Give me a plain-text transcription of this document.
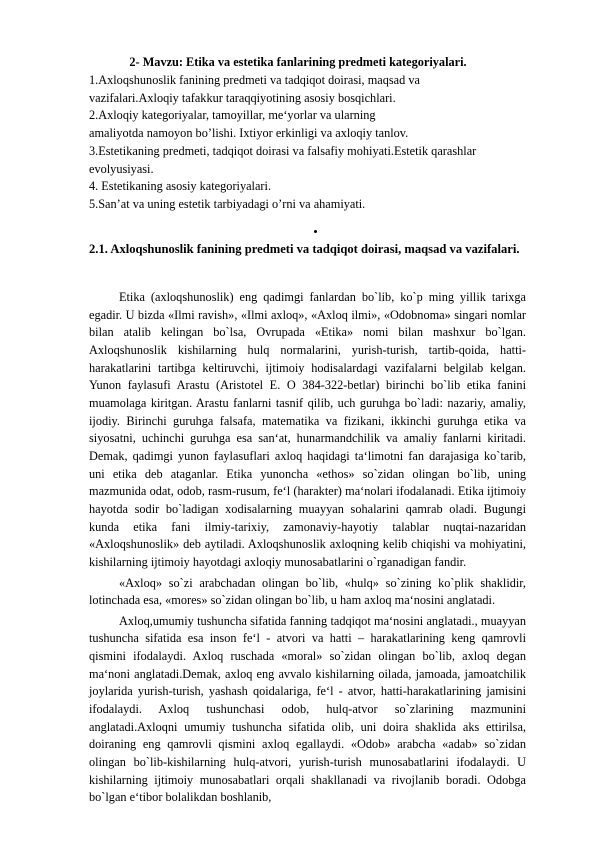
2- Mavzu: Etika va estetika fanlarining predmeti kategoriyalari.
1.Axloqshunoslik fanining predmeti va tadqiqot doirasi, maqsad va
vazifalari.Axloqiy tafakkur taraqqiyotining asosiy bosqichlari.
2.Axloqiy kategoriyalar, tamoyillar, me‘yorlar va ularning
amaliyotda namoyon bo’lishi. Ixtiyor erkinligi va axloqiy tanlov.
3.Estetikaning predmeti, tadqiqot doirasi va falsafiy mohiyati.Estetik qarashlar
evolyusiyasi.
4. Estetikaning asosiy kategoriyalari.
5.San’at va uning estetik tarbiyadagi o’rni va ahamiyati.
2.1. Axloqshunoslik fanining predmeti va tadqiqot doirasi, maqsad va vazifalari.

Etika (axloqshunoslik) eng qadimgi fanlardan bo`lib, ko`p ming yillik tarixga egadir. U bizda «Ilmi ravish», «Ilmi axloq», «Axloq ilmi», «Odobnoma» singari nomlar bilan atalib kelingan bo`lsa, Ovrupada «Etika» nomi bilan mashxur bo`lgan. Axloqshunoslik kishilarning hulq normalarini, yurish-turish, tartib-qoida, hatti-harakatlarini tartibga keltiruvchi, ijtimoiy hodisalardagi vazifalarni belgilab kelgan. Yunon faylasufi Arastu (Aristotel E. O 384-322-betlar) birinchi bo`lib etika fanini muamolaga kiritgan. Arastu fanlarni tasnif qilib, uch guruhga bo`ladi: nazariy, amaliy, ijodiy. Birinchi guruhga falsafa, matematika va fizikani, ikkinchi guruhga etika va siyosatni, uchinchi guruhga esa san‘at, hunarmandchilik va amaliy fanlarni kiritadi. Demak, qadimgi yunon faylasuflari axloq haqidagi ta‘limotni fan darajasiga ko`tarib, uni etika deb ataganlar. Etika yunoncha «ethos» so`zidan olingan bo`lib, uning mazmunida odat, odob, rasm-rusum, fe‘l (harakter) ma‘nolari ifodalanadi. Etika ijtimoiy hayotda sodir bo`ladigan xodisalarning muayyan sohalarini qamrab oladi. Bugungi kunda etika fani ilmiy-tarixiy, zamonaviy-hayotiy talablar nuqtai-nazaridan «Axloqshunoslik» deb aytiladi. Axloqshunoslik axloqning kelib chiqishi va mohiyatini, kishilarning ijtimoiy hayotdagi axloqiy munosabatlarini o`rganadigan fandir.

«Axloq» so`zi arabchadan olingan bo`lib, «hulq» so`zining ko`plik shaklidir, lotinchada esa, «mores» so`zidan olingan bo`lib, u ham axloq ma‘nosini anglatadi.

Axloq,umumiy tushuncha sifatida fanning tadqiqot ma‘nosini anglatadi., muayyan tushuncha sifatida esa inson fe‘l - atvori va hatti – harakatlarining keng qamrovli qismini ifodalaydi. Axloq ruschada «moral» so`zidan olingan bo`lib, axloq degan ma‘noni anglatadi.Demak, axloq eng avvalo kishilarning oilada, jamoada, jamoatchilik joylarida yurish-turish, yashash qoidalariga, fe‘l - atvor, hatti-harakatlarining jamisini ifodalaydi. Axloq tushunchasi odob, hulq-atvor so`zlarining mazmunini anglatadi.Axloqni umumiy tushuncha sifatida olib, uni doira shaklida aks ettirilsa, doiraning eng qamrovli qismini axloq egallaydi. «Odob» arabcha «adab» so`zidan olingan bo`lib-kishilarning hulq-atvori, yurish-turish munosabatlarini ifodalaydi. U kishilarning ijtimoiy munosabatlari orqali shakllanadi va rivojlanib boradi. Odobga bo`lgan e‘tibor bolalikdan boshlanib,
